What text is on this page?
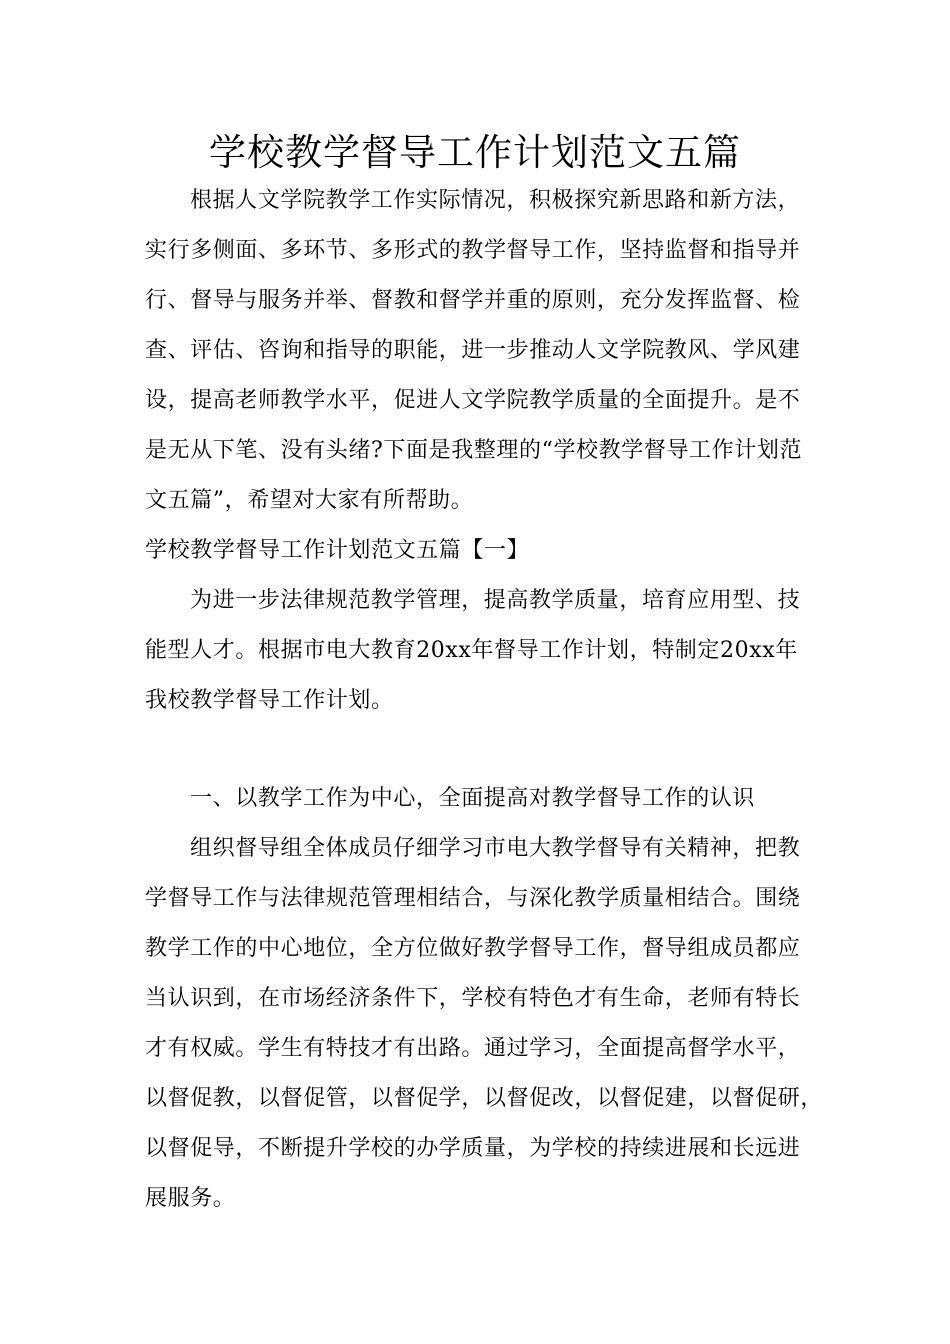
学校教学督导工作计划范文五篇
根据人文学院教学工作实际情况，积极探究新思路和新方法，
实行多侧面、多环节、多形式的教学督导工作，坚持监督和指导并
行、督导与服务并举、督教和督学并重的原则，充分发挥监督、检
查、评估、咨询和指导的职能，进一步推动人文学院教风、学风建
设，提高老师教学水平，促进人文学院教学质量的全面提升。是不
是无从下笔、没有头绪?下面是我整理的“学校教学督导工作计划范
文五篇”，希望对大家有所帮助。
学校教学督导工作计划范文五篇【一】
为进一步法律规范教学管理，提高教学质量，培育应用型、技
能型人才。根据市电大教育20xx年督导工作计划，特制定20xx年
我校教学督导工作计划。
一、以教学工作为中心，全面提高对教学督导工作的认识
组织督导组全体成员仔细学习市电大教学督导有关精神，把教
学督导工作与法律规范管理相结合，与深化教学质量相结合。围绕
教学工作的中心地位，全方位做好教学督导工作，督导组成员都应
当认识到，在市场经济条件下，学校有特色才有生命，老师有特长
才有权威。学生有特技才有出路。通过学习，全面提高督学水平，
以督促教，以督促管，以督促学，以督促改，以督促建，以督促研，
以督促导，不断提升学校的办学质量，为学校的持续进展和长远进
展服务。
